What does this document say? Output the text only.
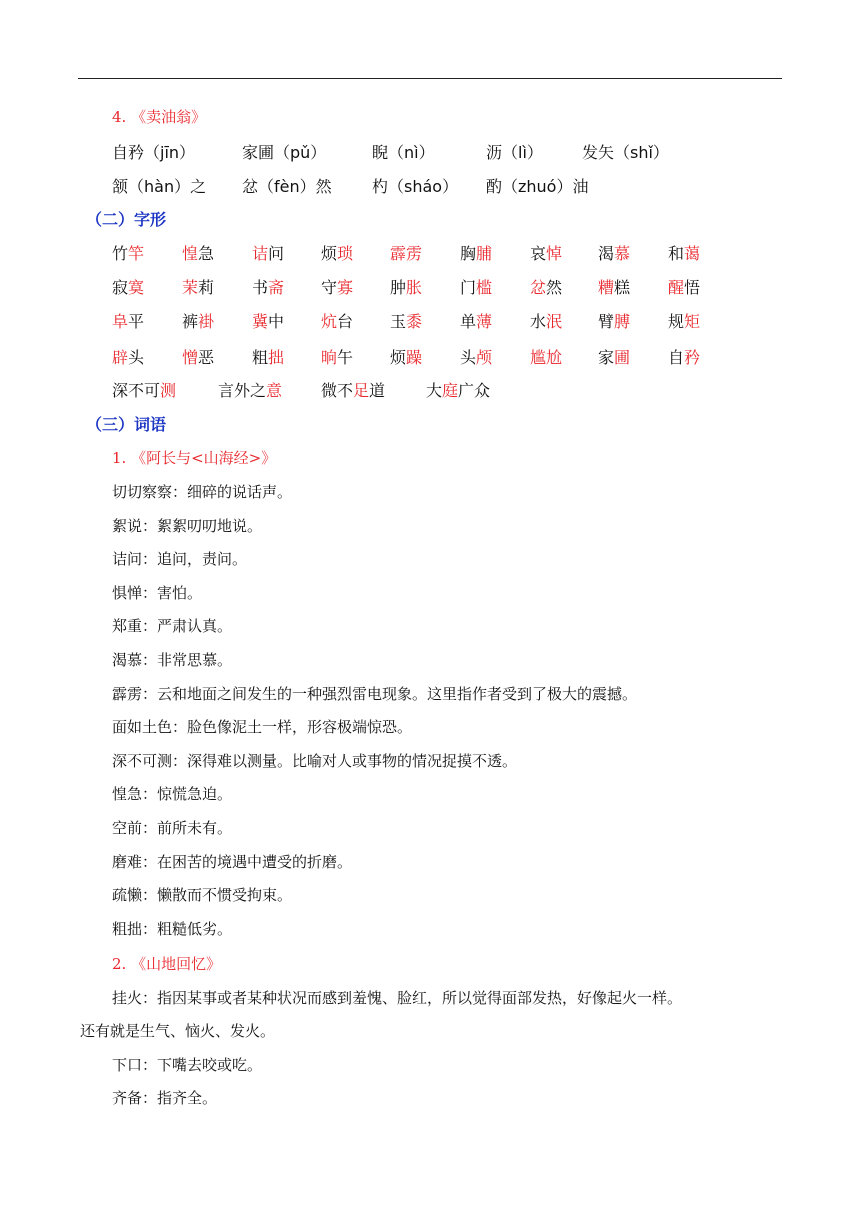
4. 《卖油翁》
自矜（jīn）	家圃（pǔ）	睨（nì）	沥（lì） 发矢（shǐ）
颔（hàn）之 忿（fèn）然	杓（sháo） 酌（zhuó）油
（二）字形
竹竿 惶急 诘问 烦琐 霹雳 胸脯 哀悼 渴慕 和蔼
寂寞 茉莉 书斋 守寡 肿胀 门槛 忿然 糟糕 醒悟
阜平 裤褂 冀中 炕台 玉黍 单薄 水泯 臂膊 规矩
辟头 憎恶 粗拙 晌午 烦躁 头颅 尴尬 家圃 自矜
深不可测	言外之意 微不足道	大庭广众
（三）词语
1. 《阿长与<山海经>》
切切察察：细碎的说话声。
絮说：絮絮叨叨地说。
诘问：追问，责问。
惧惮：害怕。
郑重：严肃认真。
渴慕：非常思慕。
霹雳：云和地面之间发生的一种强烈雷电现象。这里指作者受到了极大的震撼。
面如土色：脸色像泥土一样，形容极端惊恐。
深不可测：深得难以测量。比喻对人或事物的情况捉摸不透。
惶急：惊慌急迫。
空前：前所未有。
磨难：在困苦的境遇中遭受的折磨。
疏懒：懒散而不惯受拘束。
粗拙：粗糙低劣。
2. 《山地回忆》
挂火：指因某事或者某种状况而感到羞愧、脸红，所以觉得面部发热，好像起火一样。
还有就是生气、恼火、发火。
下口：下嘴去咬或吃。
齐备：指齐全。
